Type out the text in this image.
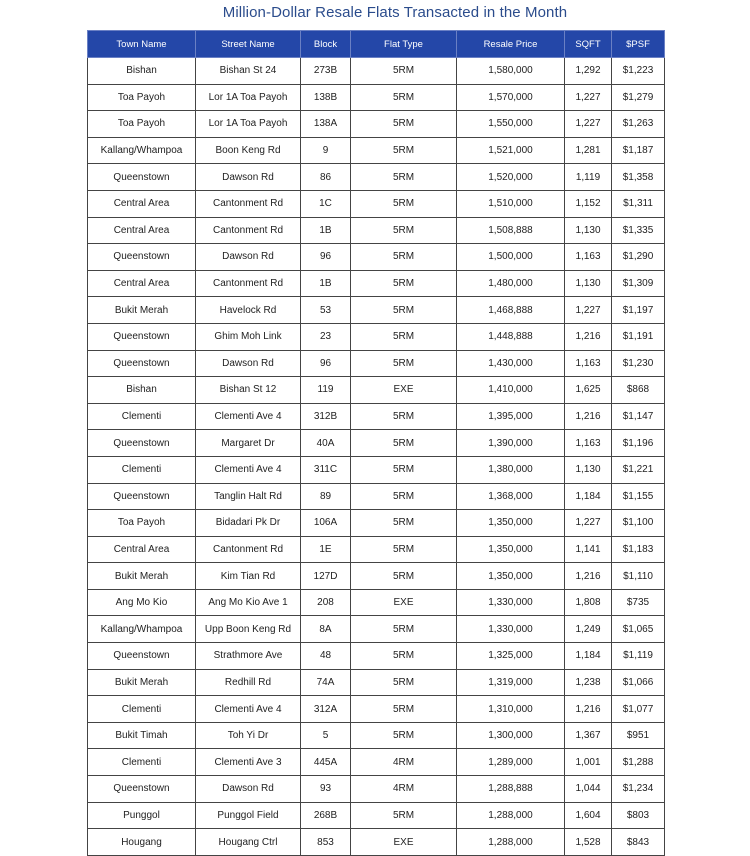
Million-Dollar Resale Flats Transacted in the Month
Town Name	Street Name	Block	Flat Type	Resale Price	SQFT	$PSF
Bishan	Bishan St 24	273B	5RM	1,580,000	1,292	$1,223
Toa Payoh	Lor 1A Toa Payoh	138B	5RM	1,570,000	1,227	$1,279
Toa Payoh	Lor 1A Toa Payoh	138A	5RM	1,550,000	1,227	$1,263
Kallang/Whampoa	Boon Keng Rd	9	5RM	1,521,000	1,281	$1,187
Queenstown	Dawson Rd	86	5RM	1,520,000	1,119	$1,358
Central Area	Cantonment Rd	1C	5RM	1,510,000	1,152	$1,311
Central Area	Cantonment Rd	1B	5RM	1,508,888	1,130	$1,335
Queenstown	Dawson Rd	96	5RM	1,500,000	1,163	$1,290
Central Area	Cantonment Rd	1B	5RM	1,480,000	1,130	$1,309
Bukit Merah	Havelock Rd	53	5RM	1,468,888	1,227	$1,197
Queenstown	Ghim Moh Link	23	5RM	1,448,888	1,216	$1,191
Queenstown	Dawson Rd	96	5RM	1,430,000	1,163	$1,230
Bishan	Bishan St 12	119	EXE	1,410,000	1,625	$868
Clementi	Clementi Ave 4	312B	5RM	1,395,000	1,216	$1,147
Queenstown	Margaret Dr	40A	5RM	1,390,000	1,163	$1,196
Clementi	Clementi Ave 4	311C	5RM	1,380,000	1,130	$1,221
Queenstown	Tanglin Halt Rd	89	5RM	1,368,000	1,184	$1,155
Toa Payoh	Bidadari Pk Dr	106A	5RM	1,350,000	1,227	$1,100
Central Area	Cantonment Rd	1E	5RM	1,350,000	1,141	$1,183
Bukit Merah	Kim Tian Rd	127D	5RM	1,350,000	1,216	$1,110
Ang Mo Kio	Ang Mo Kio Ave 1	208	EXE	1,330,000	1,808	$735
Kallang/Whampoa	Upp Boon Keng Rd	8A	5RM	1,330,000	1,249	$1,065
Queenstown	Strathmore Ave	48	5RM	1,325,000	1,184	$1,119
Bukit Merah	Redhill Rd	74A	5RM	1,319,000	1,238	$1,066
Clementi	Clementi Ave 4	312A	5RM	1,310,000	1,216	$1,077
Bukit Timah	Toh Yi Dr	5	5RM	1,300,000	1,367	$951
Clementi	Clementi Ave 3	445A	4RM	1,289,000	1,001	$1,288
Queenstown	Dawson Rd	93	4RM	1,288,888	1,044	$1,234
Punggol	Punggol Field	268B	5RM	1,288,000	1,604	$803
Hougang	Hougang Ctrl	853	EXE	1,288,000	1,528	$843
